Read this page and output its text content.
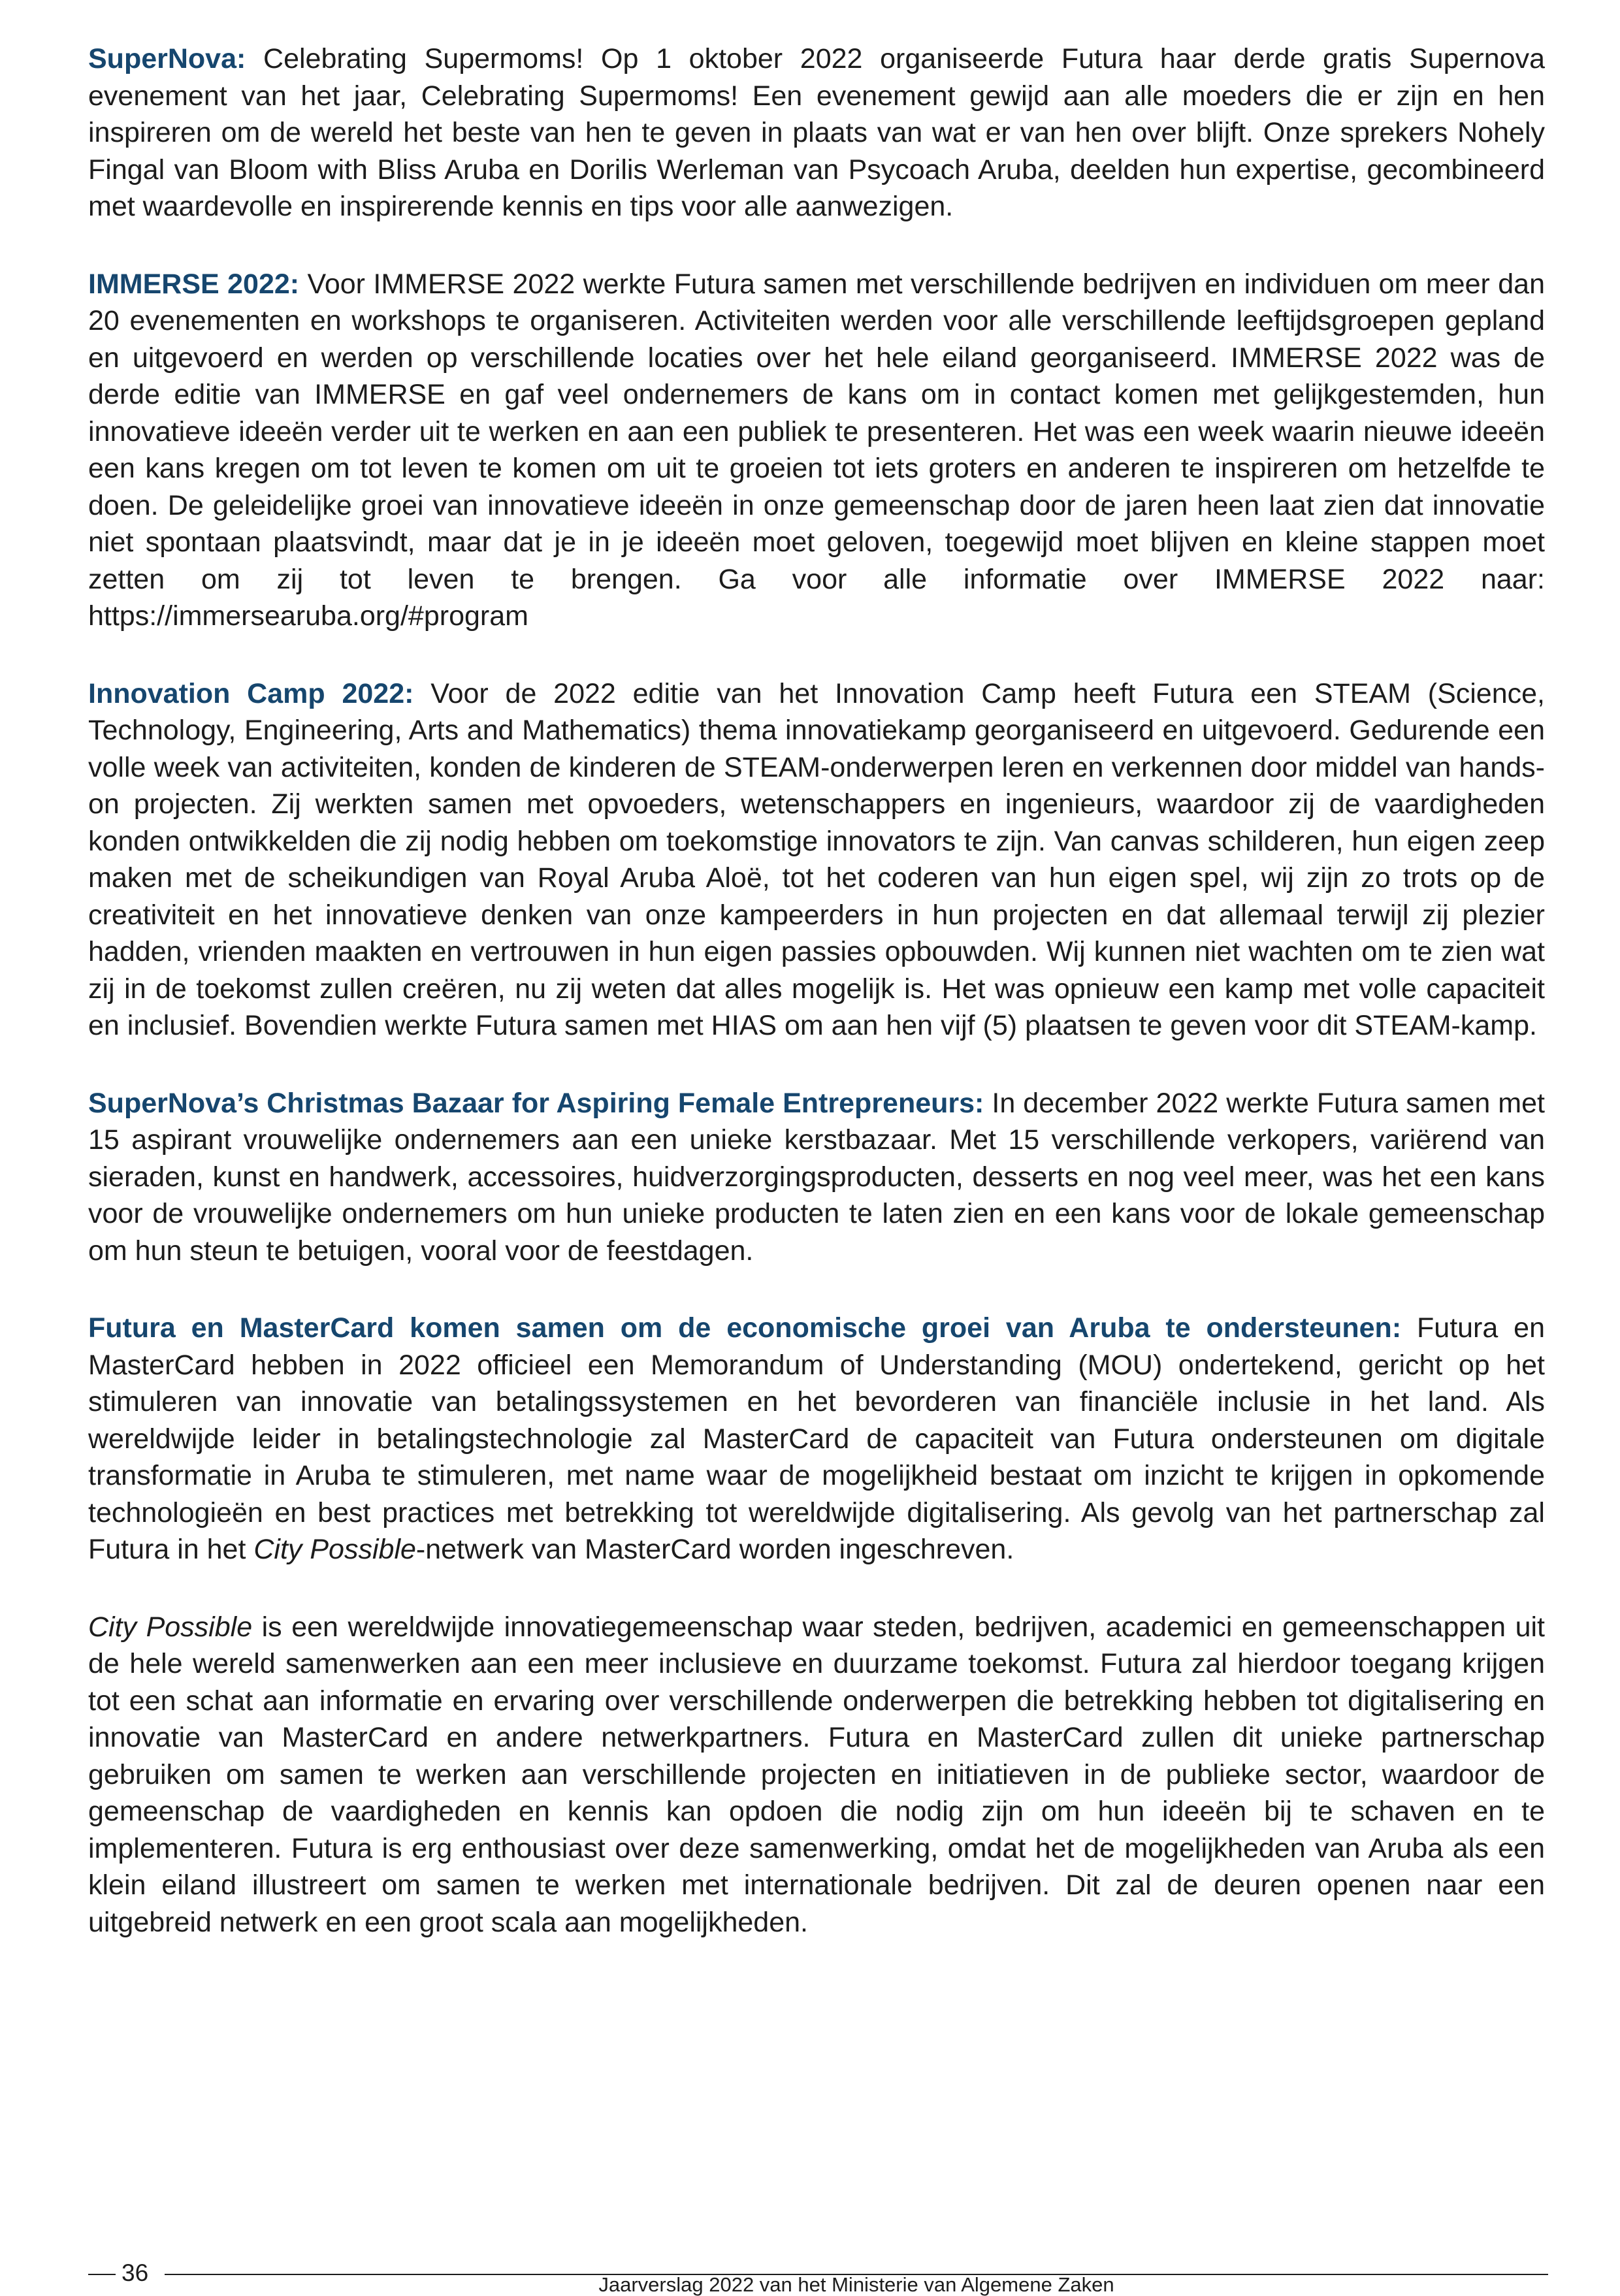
SuperNova: Celebrating Supermoms! Op 1 oktober 2022 organiseerde Futura haar derde gratis Supernova evenement van het jaar, Celebrating Supermoms! Een evenement gewijd aan alle moeders die er zijn en hen inspireren om de wereld het beste van hen te geven in plaats van wat er van hen over blijft. Onze sprekers Nohely Fingal van Bloom with Bliss Aruba en Dorilis Werleman van Psycoach Aruba, deelden hun expertise, gecombineerd met waardevolle en inspirerende kennis en tips voor alle aanwezigen.

IMMERSE 2022: Voor IMMERSE 2022 werkte Futura samen met verschillende bedrijven en individuen om meer dan 20 evenementen en workshops te organiseren. Activiteiten werden voor alle verschillende leeftijdsgroepen gepland en uitgevoerd en werden op verschillende locaties over het hele eiland georganiseerd. IMMERSE 2022 was de derde editie van IMMERSE en gaf veel ondernemers de kans om in contact komen met gelijkgestemden, hun innovatieve ideeën verder uit te werken en aan een publiek te presenteren. Het was een week waarin nieuwe ideeën een kans kregen om tot leven te komen om uit te groeien tot iets groters en anderen te inspireren om hetzelfde te doen. De geleidelijke groei van innovatieve ideeën in onze gemeenschap door de jaren heen laat zien dat innovatie niet spontaan plaatsvindt, maar dat je in je ideeën moet geloven, toegewijd moet blijven en kleine stappen moet zetten om zij tot leven te brengen. Ga voor alle informatie over IMMERSE 2022 naar: https://immersearuba.org/#program

Innovation Camp 2022: Voor de 2022 editie van het Innovation Camp heeft Futura een STEAM (Science, Technology, Engineering, Arts and Mathematics) thema innovatiekamp georganiseerd en uitgevoerd. Gedurende een volle week van activiteiten, konden de kinderen de STEAM-onderwerpen leren en verkennen door middel van hands-on projecten. Zij werkten samen met opvoeders, wetenschappers en ingenieurs, waardoor zij de vaardigheden konden ontwikkelden die zij nodig hebben om toekomstige innovators te zijn. Van canvas schilderen, hun eigen zeep maken met de scheikundigen van Royal Aruba Aloë, tot het coderen van hun eigen spel, wij zijn zo trots op de creativiteit en het innovatieve denken van onze kampeerders in hun projecten en dat allemaal terwijl zij plezier hadden, vrienden maakten en vertrouwen in hun eigen passies opbouwden. Wij kunnen niet wachten om te zien wat zij in de toekomst zullen creëren, nu zij weten dat alles mogelijk is. Het was opnieuw een kamp met volle capaciteit en inclusief. Bovendien werkte Futura samen met HIAS om aan hen vijf (5) plaatsen te geven voor dit STEAM-kamp.

SuperNova’s Christmas Bazaar for Aspiring Female Entrepreneurs: In december 2022 werkte Futura samen met 15 aspirant vrouwelijke ondernemers aan een unieke kerstbazaar. Met 15 verschillende verkopers, variërend van sieraden, kunst en handwerk, accessoires, huidverzorgingsproducten, desserts en nog veel meer, was het een kans voor de vrouwelijke ondernemers om hun unieke producten te laten zien en een kans voor de lokale gemeenschap om hun steun te betuigen, vooral voor de feestdagen.

Futura en MasterCard komen samen om de economische groei van Aruba te ondersteunen: Futura en MasterCard hebben in 2022 officieel een Memorandum of Understanding (MOU) ondertekend, gericht op het stimuleren van innovatie van betalingssystemen en het bevorderen van financiële inclusie in het land. Als wereldwijde leider in betalingstechnologie zal MasterCard de capaciteit van Futura ondersteunen om digitale transformatie in Aruba te stimuleren, met name waar de mogelijkheid bestaat om inzicht te krijgen in opkomende technologieën en best practices met betrekking tot wereldwijde digitalisering. Als gevolg van het partnerschap zal Futura in het City Possible-netwerk van MasterCard worden ingeschreven.

City Possible is een wereldwijde innovatiegemeenschap waar steden, bedrijven, academici en gemeenschappen uit de hele wereld samenwerken aan een meer inclusieve en duurzame toekomst. Futura zal hierdoor toegang krijgen tot een schat aan informatie en ervaring over verschillende onderwerpen die betrekking hebben tot digitalisering en innovatie van MasterCard en andere netwerkpartners. Futura en MasterCard zullen dit unieke partnerschap gebruiken om samen te werken aan verschillende projecten en initiatieven in de publieke sector, waardoor de gemeenschap de vaardigheden en kennis kan opdoen die nodig zijn om hun ideeën bij te schaven en te implementeren. Futura is erg enthousiast over deze samenwerking, omdat het de mogelijkheden van Aruba als een klein eiland illustreert om samen te werken met internationale bedrijven. Dit zal de deuren openen naar een uitgebreid netwerk en een groot scala aan mogelijkheden.

36	Jaarverslag 2022 van het Ministerie van Algemene Zaken
